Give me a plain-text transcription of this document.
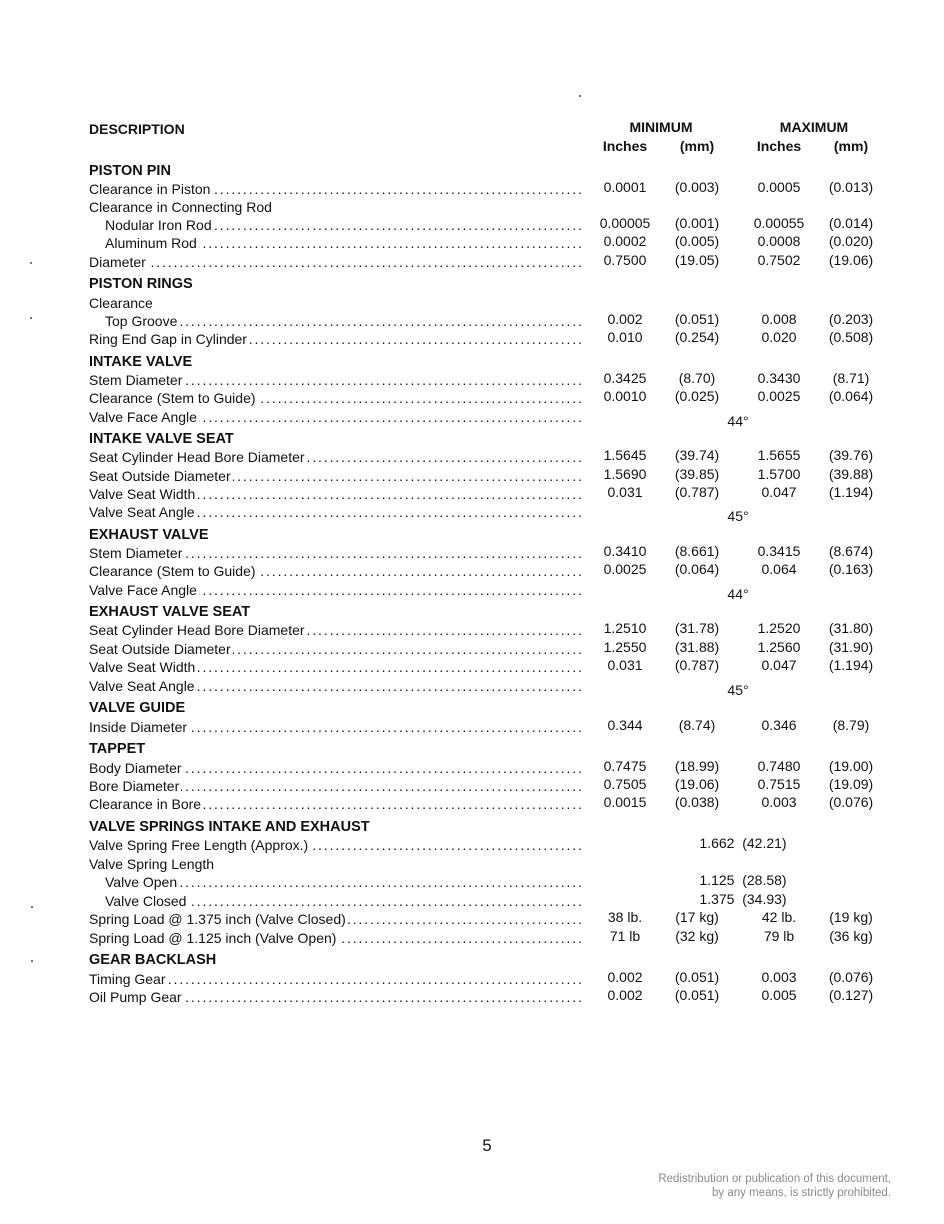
DESCRIPTION	MINIMUM	MAXIMUM
Inches (mm)	Inches (mm)
PISTON PIN
Clearance in Piston . . .	0.0001 (0.003)	0.0005 (0.013)
Clearance in Connecting Rod
Nodular Iron Rod . . .	0.00005 (0.001) 0.00055 (0.014)
Aluminum Rod . . .	0.0002 (0.005)	0.0008 (0.020)
Diameter . . .	0.7500 (19.05)	0.7502 (19.06)
PISTON RINGS
Clearance
Top Groove . . .	0.002 (0.051)	0.008 (0.203)
Ring End Gap in Cylinder . . .	0.010 (0.254)	0.020 (0.508)
INTAKE VALVE
Stem Diameter . . .	0.3425 (8.70)	0.3430 (8.71)
Clearance (Stem to Guide) . . .	0.0010 (0.025)	0.0025 (0.064)
Valve Face Angle . . .	44°
INTAKE VALVE SEAT
Seat Cylinder Head Bore Diameter . . .	1.5645 (39.74)	1.5655 (39.76)
Seat Outside Diameter . . .	1.5690 (39.85)	1.5700 (39.88)
Valve Seat Width . . .	0.031 (0.787)	0.047 (1.194)
Valve Seat Angle . . .	45°
EXHAUST VALVE
Stem Diameter . . .	0.3410 (8.661)	0.3415 (8.674)
Clearance (Stem to Guide) . . .	0.0025 (0.064)	0.064 (0.163)
Valve Face Angle . . .	44°
EXHAUST VALVE SEAT
Seat Cylinder Head Bore Diameter . . .	1.2510 (31.78)	1.2520 (31.80)
Seat Outside Diameter . . .	1.2550 (31.88)	1.2560 (31.90)
Valve Seat Width . . .	0.031 (0.787)	0.047 (1.194)
Valve Seat Angle . . .	45°
VALVE GUIDE
Inside Diameter . . .	0.344	(8.74)	0.346	(8.79)
TAPPET
Body Diameter . . .	0.7475 (18.99)	0.7480 (19.00)
Bore Diameter . . .	0.7505 (19.06)	0.7515 (19.09)
Clearance in Bore . . .	0.0015 (0.038)	0.003 (0.076)
VALVE SPRINGS INTAKE AND EXHAUST
Valve Spring Free Length (Approx.) . . .	1.662  (42.21)
Valve Spring Length
Valve Open . . .	1.125  (28.58)
Valve Closed . . .	1.375  (34.93)
Spring Load @ 1.375 inch (Valve Closed) . . .	38 lb. (17 kg)	42 lb. (19 kg)
Spring Load @ 1.125 inch (Valve Open) . . .	71 lb	(32 kg)	79 lb	(36 kg)
GEAR BACKLASH
Timing Gear . . .	0.002 (0.051)	0.003 (0.076)
Oil Pump Gear . . .	0.002 (0.051)	0.005 (0.127)
5
Redistribution or publication of this document,
by any means, is strictly prohibited.
